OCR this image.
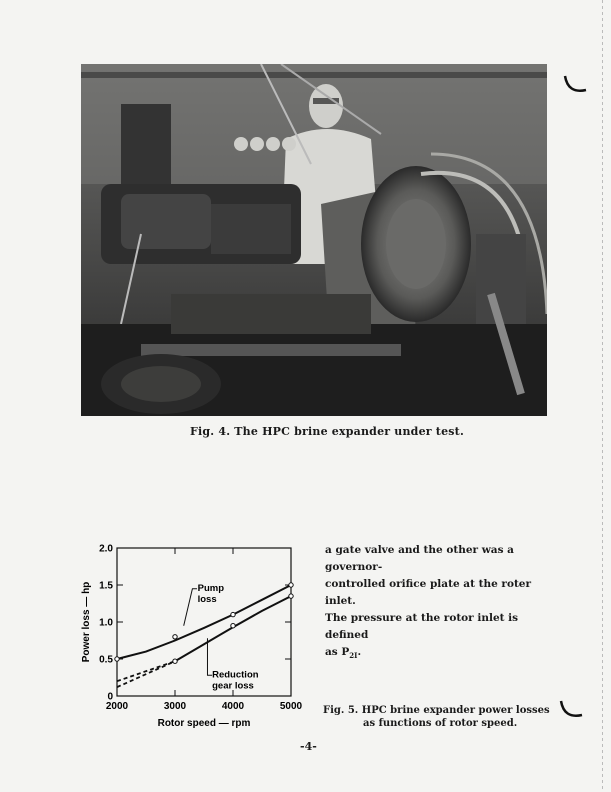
Fig. 4. The HPC brine expander under test.
0
0.5
1.0
1.5
2.0
2000	3000	4000	5000
Rotor speed — rpm
Power loss — hp	Pump
loss
Reduction
gear loss

a gate valve and the other was a governor-

controlled orifice plate at the roter inlet.

The pressure at the rotor inlet is defined

as $P_{2I}$.

Fig. 5. HPC brine expander power losses
as functions of rotor speed.
-4-
